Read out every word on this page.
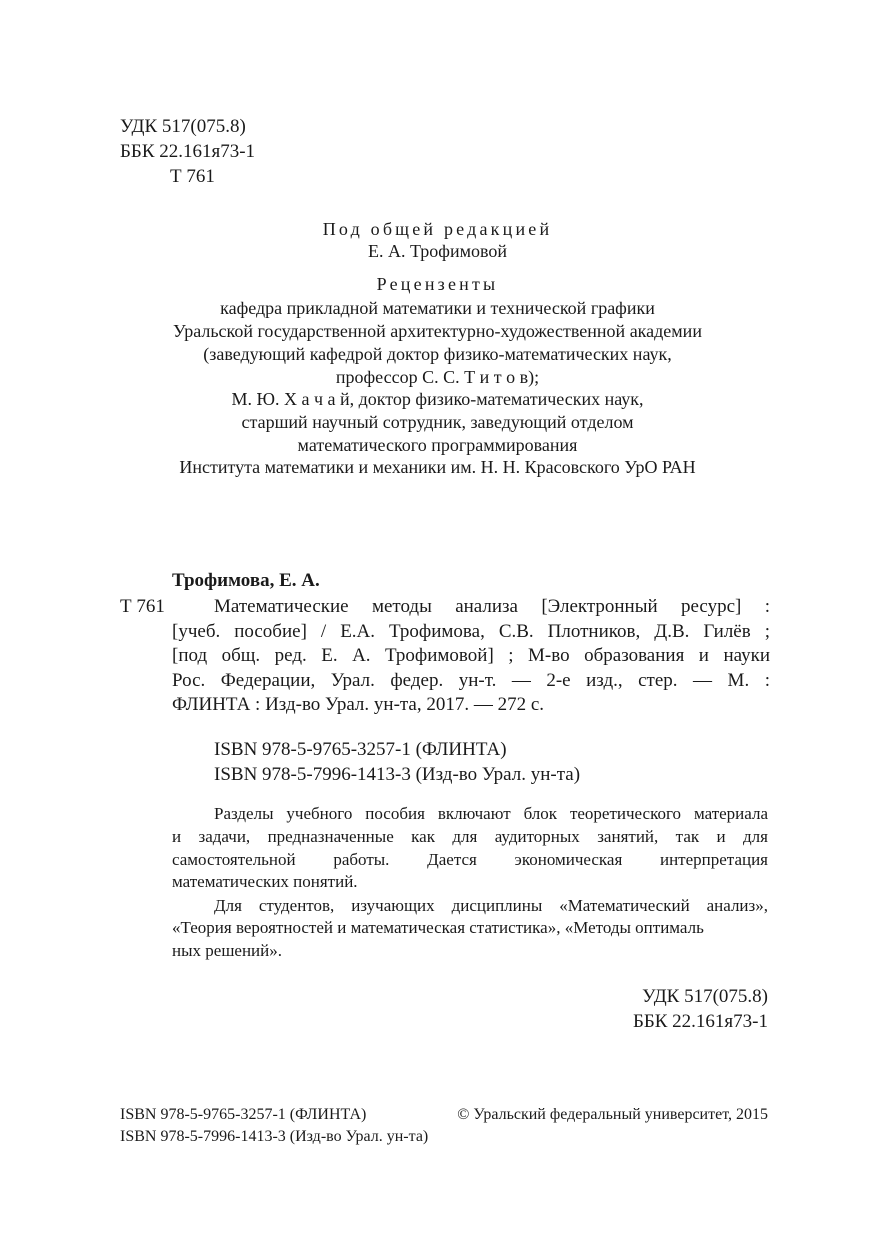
УДК 517(075.8)
ББК 22.161я73-1
Т 761
Под общей редакцией
Е. А. Трофимовой
Рецензенты
кафедра прикладной математики и технической графики
Уральской государственной архитектурно-художественной академии
(заведующий кафедрой доктор физико-математических наук,
профессор С. С. Т и т о в);
М. Ю. Х а ч а й, доктор физико-математических наук,
старший научный сотрудник, заведующий отделом
математического программирования
Института математики и механики им. Н. Н. Красовского УрО РАН
Трофимова, Е. А.
Т 761	Математические методы анализа [Электронный ресурс] :
[учеб. пособие] / Е.А. Трофимова, С.В. Плотников, Д.В. Гилёв ;
[под общ. ред. Е. А. Трофимовой] ; М-во образования и науки
Рос. Федерации, Урал. федер. ун-т. — 2-е изд., стер. — М. :
ФЛИНТА : Изд-во Урал. ун-та, 2017. — 272 с.
ISBN 978-5-9765-3257-1 (ФЛИНТА)
ISBN 978-5-7996-1413-3 (Изд-во Урал. ун-та)
Разделы учебного пособия включают блок теоретического материала
и задачи, предназначенные как для аудиторных занятий, так и для
самостоятельной работы. Дается экономическая интерпретация
математических понятий.
Для студентов, изучающих дисциплины «Математический анализ»,
«Теория вероятностей и математическая статистика», «Методы оптималь
ных решений».
УДК 517(075.8)
ББК 22.161я73-1
ISBN 978-5-9765-3257-1 (ФЛИНТА)
ISBN 978-5-7996-1413-3 (Изд-во Урал. ун-та)
© Уральский федеральный университет, 2015
